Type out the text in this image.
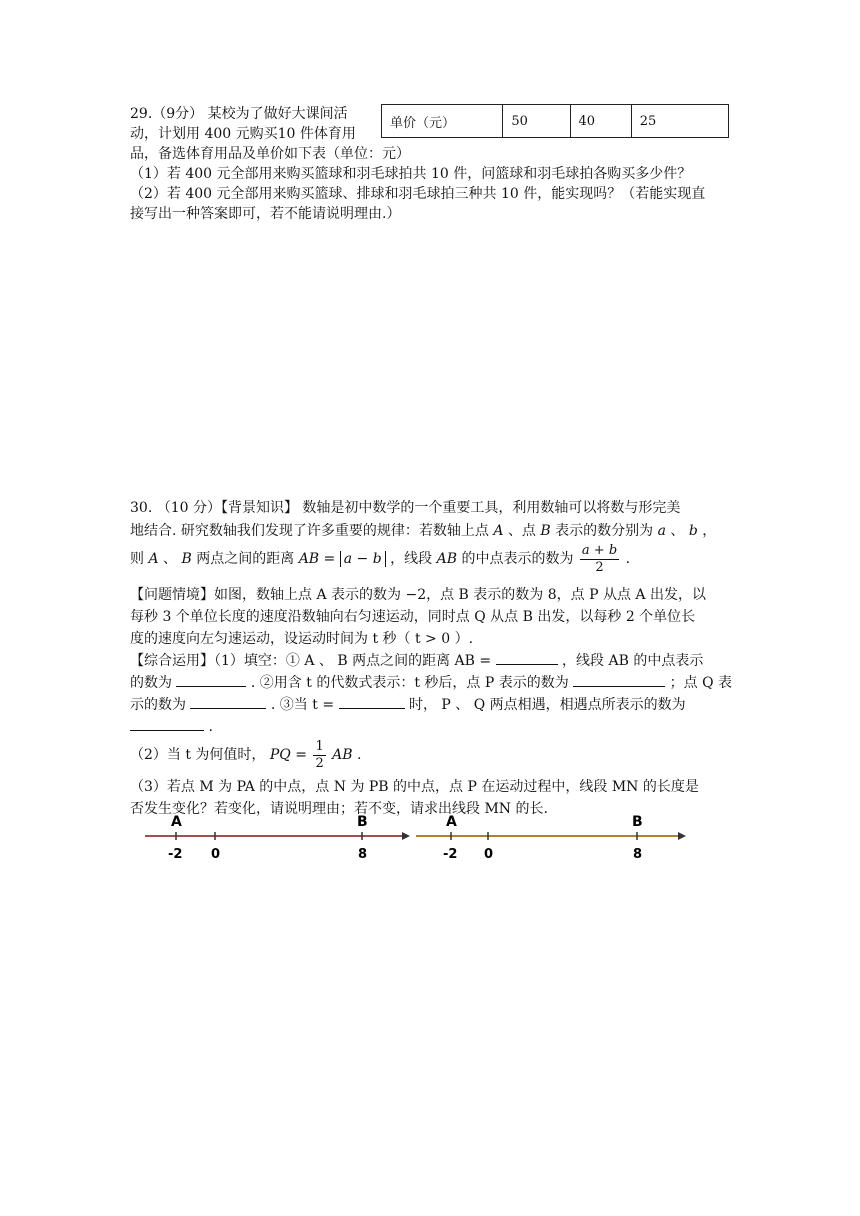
29.（9分） 某校为了做好大课间活
动，计划用 400 元购买10 件体育用
品，备选体育用品及单价如下表（单位：元）
单价（元）	50	40	25
（1）若 400 元全部用来购买篮球和羽毛球拍共 10 件，问篮球和羽毛球拍各购买多少件？
（2）若 400 元全部用来购买篮球、排球和羽毛球拍三种共 10 件，能实现吗？（若能实现直
接写出一种答案即可，若不能请说明理由.）
30. （10 分）【背景知识】 数轴是初中数学的一个重要工具，利用数轴可以将数与形完美
地结合. 研究数轴我们发现了许多重要的规律：若数轴上点 A 、点 B 表示的数分别为 a 、 b ，
则 A 、 B 两点之间的距离 AB = a − b ，线段 AB 的中点表示的数为 $\frac{a + b}{2}$ .
【问题情境】如图，数轴上点 A 表示的数为 −2，点 B 表示的数为 8，点 P 从点 A 出发，以
每秒 3 个单位长度的速度沿数轴向右匀速运动，同时点 Q 从点 B 出发，以每秒 2 个单位长
度的速度向左匀速运动，设运动时间为 t 秒（ t > 0 ）.
【综合运用】（1）填空：① A 、 B 两点之间的距离 AB =	，线段 AB 的中点表示
的数为	. ②用含 t 的代数式表示：t 秒后，点 P 表示的数为	；点 Q 表
示的数为	. ③当 t =	时， P 、 Q 两点相遇，相遇点所表示的数为
.
（2）当 t 为何值时， PQ = $\frac{1}{2}$ AB .
（3）若点 M 为 PA 的中点，点 N 为 PB 的中点，点 P 在运动过程中，线段 MN 的长度是
否发生变化？若变化，请说明理由；若不变，请求出线段 MN 的长.
A	B
-2 0	8
A	B
-2 0	8
